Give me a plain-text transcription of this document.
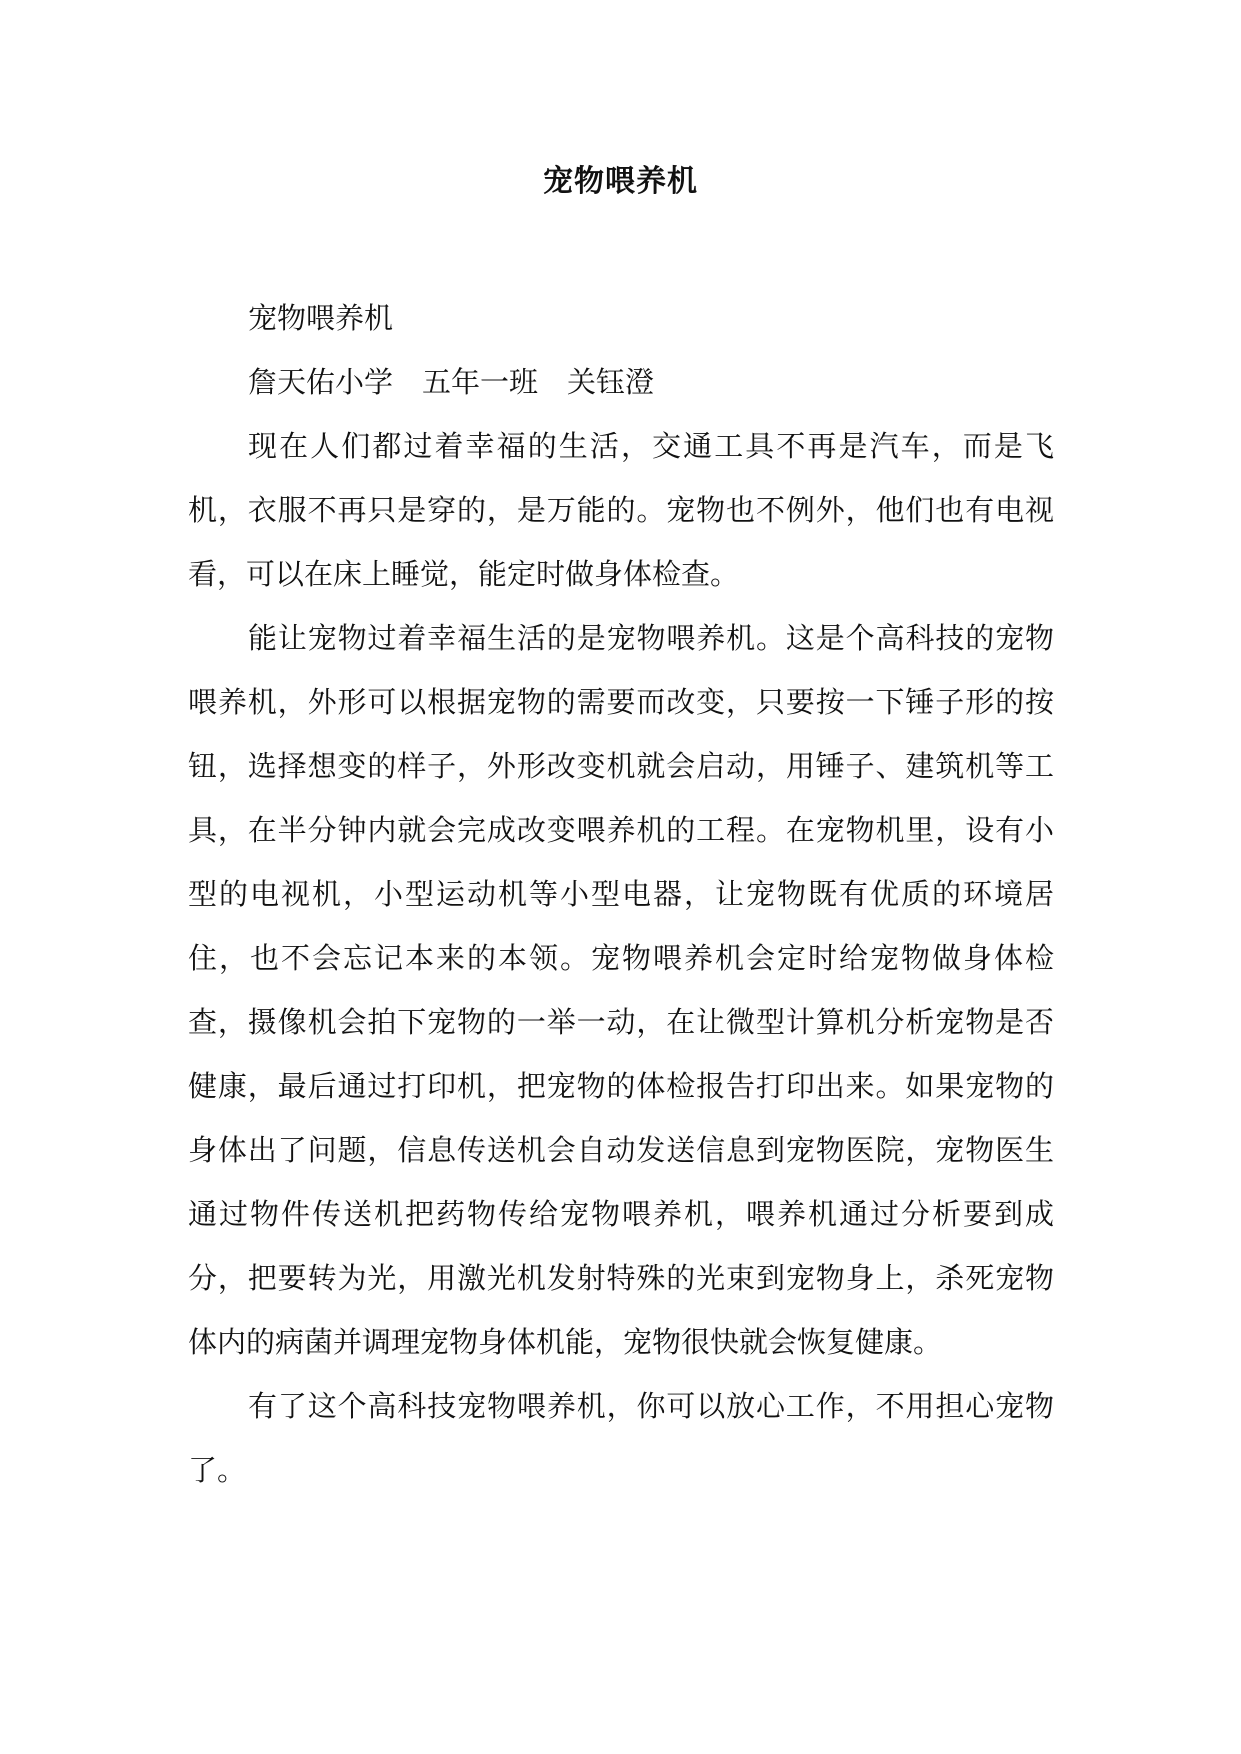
宠物喂养机

宠物喂养机

詹天佑小学　五年一班　关钰澄

现在人们都过着幸福的生活，交通工具不再是汽车，而是飞机，衣服不再只是穿的，是万能的。宠物也不例外，他们也有电视看，可以在床上睡觉，能定时做身体检查。

能让宠物过着幸福生活的是宠物喂养机。这是个高科技的宠物喂养机，外形可以根据宠物的需要而改变，只要按一下锤子形的按钮，选择想变的样子，外形改变机就会启动，用锤子、建筑机等工具，在半分钟内就会完成改变喂养机的工程。在宠物机里，设有小型的电视机，小型运动机等小型电器，让宠物既有优质的环境居住，也不会忘记本来的本领。宠物喂养机会定时给宠物做身体检查，摄像机会拍下宠物的一举一动，在让微型计算机分析宠物是否健康，最后通过打印机，把宠物的体检报告打印出来。如果宠物的身体出了问题，信息传送机会自动发送信息到宠物医院，宠物医生通过物件传送机把药物传给宠物喂养机，喂养机通过分析要到成分，把要转为光，用激光机发射特殊的光束到宠物身上，杀死宠物体内的病菌并调理宠物身体机能，宠物很快就会恢复健康。

有了这个高科技宠物喂养机，你可以放心工作，不用担心宠物了。
